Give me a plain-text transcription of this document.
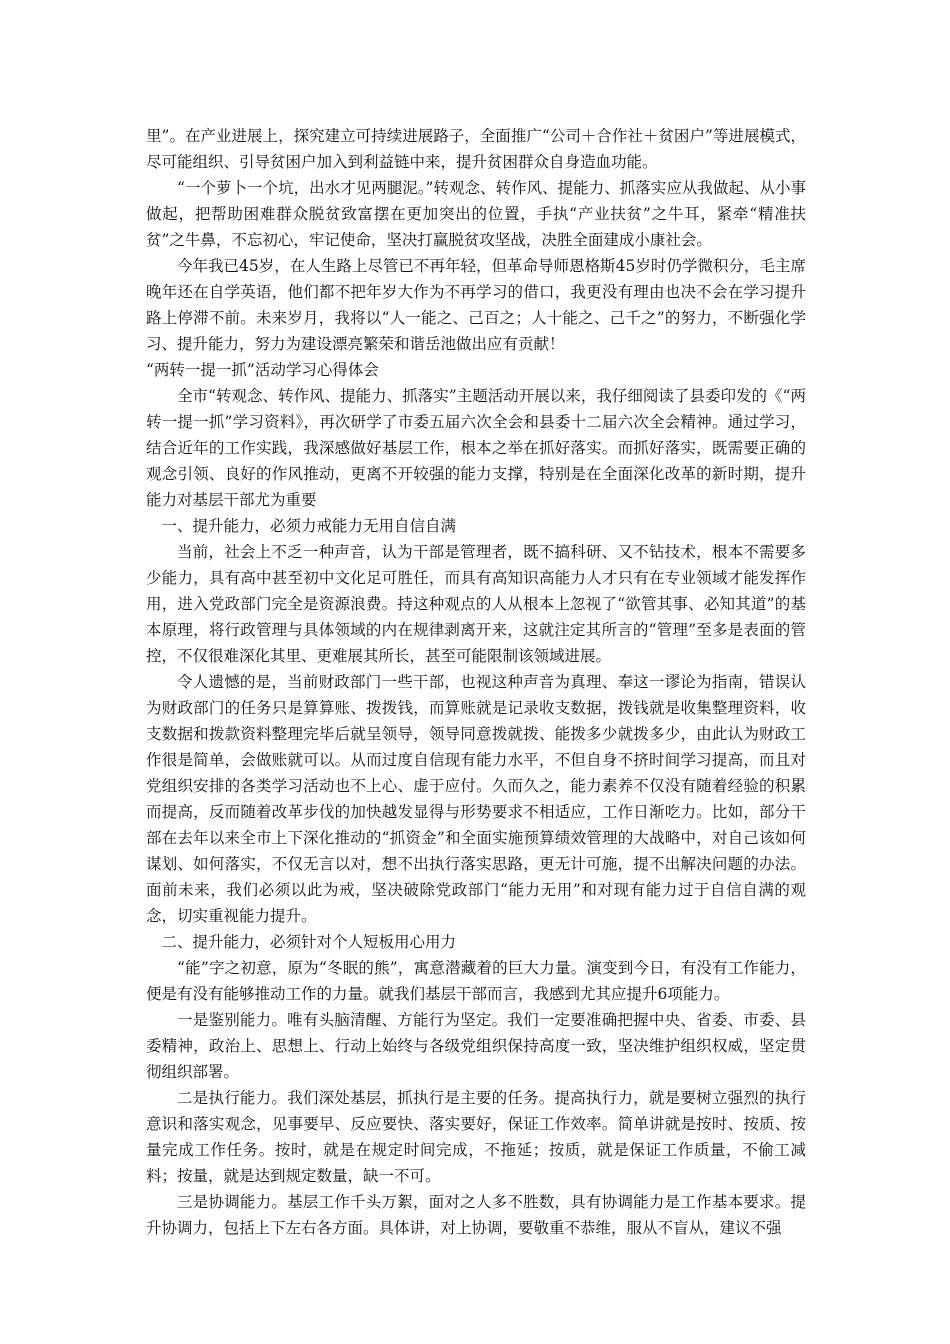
里”。在产业进展上，探究建立可持续进展路子，全面推广“公司＋合作社＋贫困户”等进展模式，尽可能组织、引导贫困户加入到利益链中来，提升贫困群众自身造血功能。

“一个萝卜一个坑，出水才见两腿泥。”转观念、转作风、提能力、抓落实应从我做起、从小事做起，把帮助困难群众脱贫致富摆在更加突出的位置，手执“产业扶贫”之牛耳，紧牵“精准扶贫”之牛鼻，不忘初心，牢记使命，坚决打赢脱贫攻坚战，决胜全面建成小康社会。

今年我已45岁，在人生路上尽管已不再年轻，但革命导师恩格斯45岁时仍学微积分，毛主席晚年还在自学英语，他们都不把年岁大作为不再学习的借口，我更没有理由也决不会在学习提升路上停滞不前。未来岁月，我将以“人一能之、己百之；人十能之、己千之”的努力，不断强化学习、提升能力，努力为建设漂亮繁荣和谐岳池做出应有贡献！

“两转一提一抓”活动学习心得体会

全市“转观念、转作风、提能力、抓落实”主题活动开展以来，我仔细阅读了县委印发的《“两转一提一抓”学习资料》，再次研学了市委五届六次全会和县委十二届六次全会精神。通过学习，结合近年的工作实践，我深感做好基层工作，根本之举在抓好落实。而抓好落实，既需要正确的观念引领、良好的作风推动，更离不开较强的能力支撑，特别是在全面深化改革的新时期，提升能力对基层干部尤为重要

一、提升能力，必须力戒能力无用自信自满

当前，社会上不乏一种声音，认为干部是管理者，既不搞科研、又不钻技术，根本不需要多少能力，具有高中甚至初中文化足可胜任，而具有高知识高能力人才只有在专业领域才能发挥作用，进入党政部门完全是资源浪费。持这种观点的人从根本上忽视了“欲管其事、必知其道”的基本原理，将行政管理与具体领域的内在规律剥离开来，这就注定其所言的“管理”至多是表面的管控，不仅很难深化其里、更难展其所长，甚至可能限制该领域进展。

令人遗憾的是，当前财政部门一些干部，也视这种声音为真理、奉这一谬论为指南，错误认为财政部门的任务只是算算账、拨拨钱，而算账就是记录收支数据，拨钱就是收集整理资料，收支数据和拨款资料整理完毕后就呈领导，领导同意拨就拨、能拨多少就拨多少，由此认为财政工作很是简单，会做账就可以。从而过度自信现有能力水平，不但自身不挤时间学习提高，而且对党组织安排的各类学习活动也不上心、虚于应付。久而久之，能力素养不仅没有随着经验的积累而提高，反而随着改革步伐的加快越发显得与形势要求不相适应，工作日渐吃力。比如，部分干部在去年以来全市上下深化推动的“抓资金”和全面实施预算绩效管理的大战略中，对自己该如何谋划、如何落实，不仅无言以对，想不出执行落实思路，更无计可施，提不出解决问题的办法。面前未来，我们必须以此为戒，坚决破除党政部门“能力无用”和对现有能力过于自信自满的观念，切实重视能力提升。

二、提升能力，必须针对个人短板用心用力

“能”字之初意，原为“冬眠的熊”，寓意潜藏着的巨大力量。演变到今日，有没有工作能力，便是有没有能够推动工作的力量。就我们基层干部而言，我感到尤其应提升6项能力。

一是鉴别能力。唯有头脑清醒、方能行为坚定。我们一定要准确把握中央、省委、市委、县委精神，政治上、思想上、行动上始终与各级党组织保持高度一致，坚决维护组织权威，坚定贯彻组织部署。

二是执行能力。我们深处基层，抓执行是主要的任务。提高执行力，就是要树立强烈的执行意识和落实观念，见事要早、反应要快、落实要好，保证工作效率。简单讲就是按时、按质、按量完成工作任务。按时，就是在规定时间完成，不拖延；按质，就是保证工作质量，不偷工减料；按量，就是达到规定数量，缺一不可。

三是协调能力。基层工作千头万絮，面对之人多不胜数，具有协调能力是工作基本要求。提升协调力，包括上下左右各方面。具体讲，对上协调，要敬重不恭维，服从不盲从，建议不强
